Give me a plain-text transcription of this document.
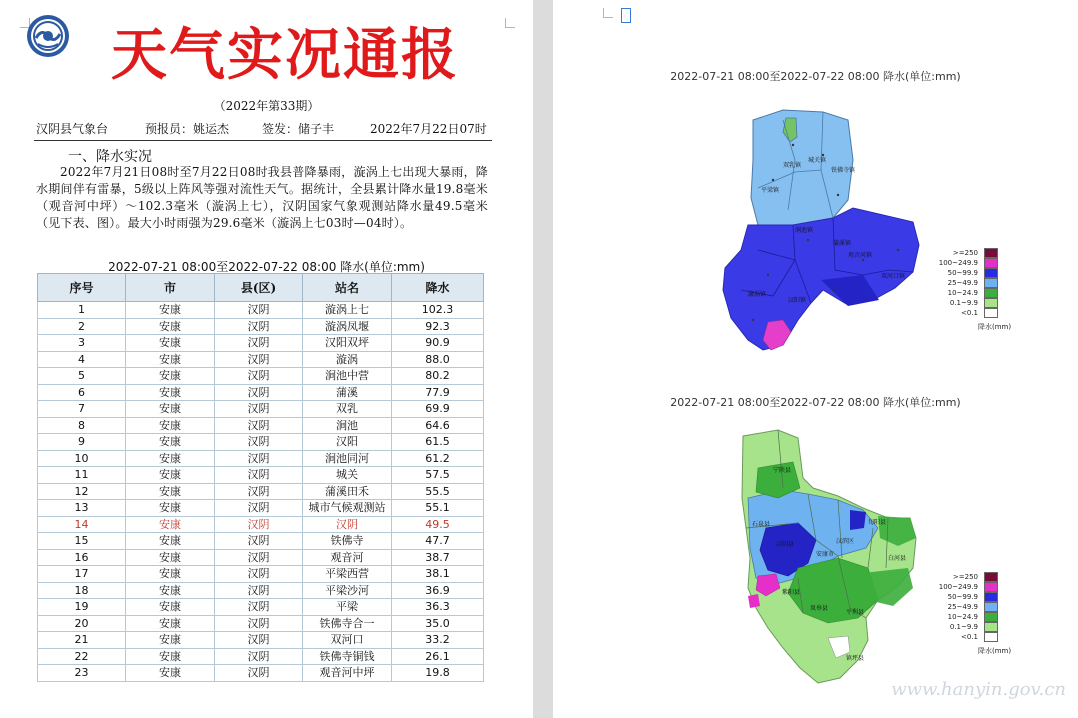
天气实况通报
（2022年第33期）
汉阴县气象台	预报员：姚运杰	签发：储子丰	2022年7月22日07时
一、降水实况
2022年7月21日08时至7月22日08时我县普降暴雨，漩涡上七出现大暴雨，降水期间伴有雷暴，5级以上阵风等强对流性天气。据统计，全县累计降水量19.8毫米（观音河中坪）～102.3毫米（漩涡上七），汉阴国家气象观测站降水量49.5毫米（见下表、图）。最大小时雨强为29.6毫米（漩涡上七03时—04时）。
2022-07-21 08:00至2022-07-22 08:00 降水(单位:mm)
序号	市	县(区)	站名	降水
1	安康	汉阴	漩涡上七	102.3
2	安康	汉阴	漩涡凤堰	92.3
3	安康	汉阴	汉阳双坪	90.9
4	安康	汉阴	漩涡	88.0
5	安康	汉阴	涧池中营	80.2
6	安康	汉阴	蒲溪	77.9
7	安康	汉阴	双乳	69.9
8	安康	汉阴	涧池	64.6
9	安康	汉阴	汉阳	61.5
10	安康	汉阴	涧池同河	61.2
11	安康	汉阴	城关	57.5
12	安康	汉阴	蒲溪田禾	55.5
13	安康	汉阴	城市气候观测站	55.1
14	安康	汉阴	汉阴	49.5
15	安康	汉阴	铁佛寺	47.7
16	安康	汉阴	观音河	38.7
17	安康	汉阴	平梁西营	38.1
18	安康	汉阴	平梁沙河	36.9
19	安康	汉阴	平梁	36.3
20	安康	汉阴	铁佛寺合一	35.0
21	安康	汉阴	双河口	33.2
22	安康	汉阴	铁佛寺铜钱	26.1
23	安康	汉阴	观音河中坪	19.8
2022-07-21 08:00至2022-07-22 08:00 降水(单位:mm)
双乳镇
城关镇
铁佛寺镇
平梁镇
涧池镇
蒲溪镇
漩涡镇
汉阳镇
观音河镇
双河口镇
>=250
100~249.9
50~99.9
25~49.9
10~24.9
0.1~9.9
<0.1
降水(mm)
2022-07-21 08:00至2022-07-22 08:00 降水(单位:mm)
宁陕县
石泉县
汉阴县
紫阳县
安康市
汉滨区
旬阳县
岚皋县
平利县
镇坪县
白河县
>=250
100~249.9
50~99.9
25~49.9
10~24.9
0.1~9.9
<0.1
降水(mm)
www.hanyin.gov.cn
